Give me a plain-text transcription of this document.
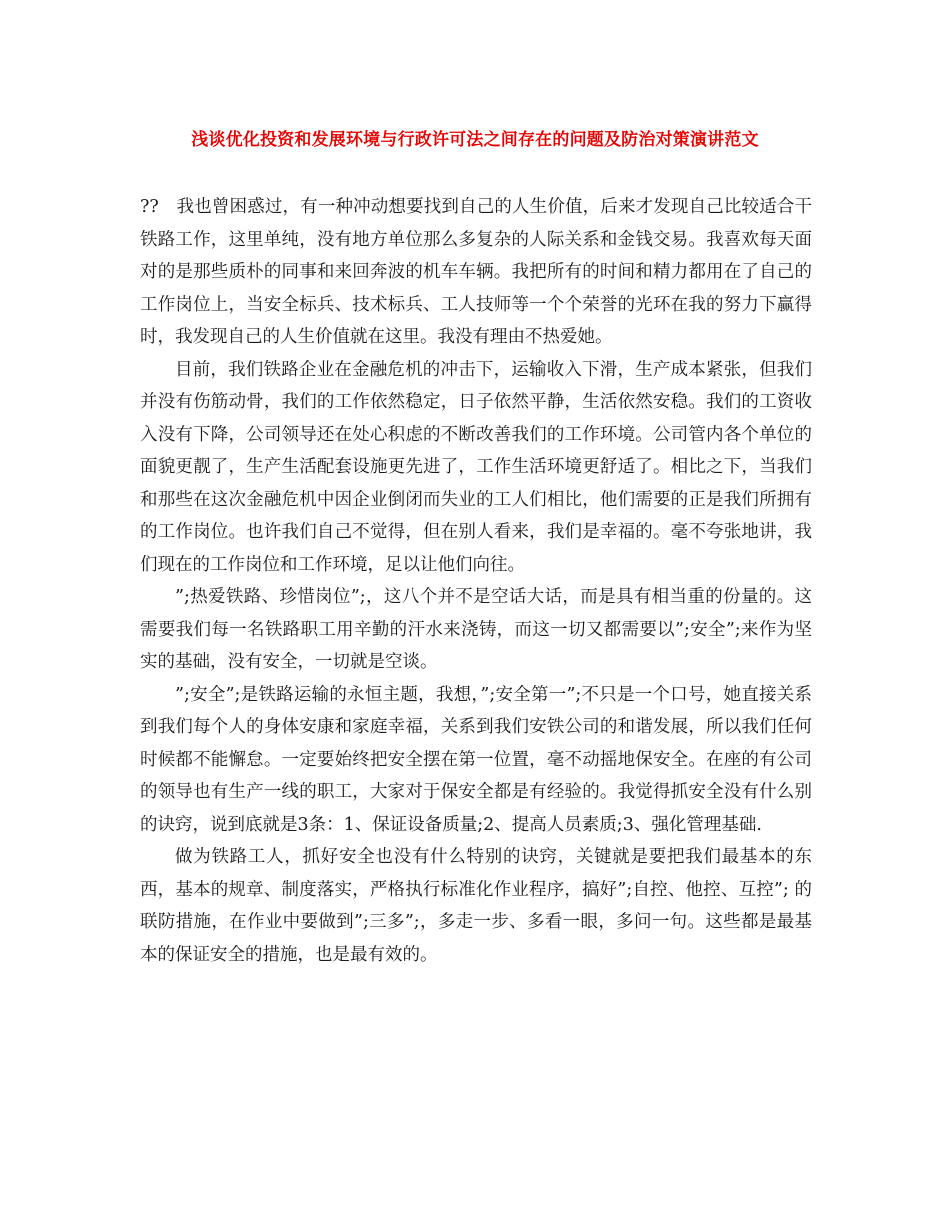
浅谈优化投资和发展环境与行政许可法之间存在的问题及防治对策演讲范文

??　我也曾困惑过，有一种冲动想要找到自己的人生价值，后来才发现自己比较适合干铁路工作，这里单纯，没有地方单位那么多复杂的人际关系和金钱交易。我喜欢每天面对的是那些质朴的同事和来回奔波的机车车辆。我把所有的时间和精力都用在了自己的工作岗位上，当安全标兵、技术标兵、工人技师等一个个荣誉的光环在我的努力下赢得时，我发现自己的人生价值就在这里。我没有理由不热爱她。

目前，我们铁路企业在金融危机的冲击下，运输收入下滑，生产成本紧张，但我们并没有伤筋动骨，我们的工作依然稳定，日子依然平静，生活依然安稳。我们的工资收入没有下降，公司领导还在处心积虑的不断改善我们的工作环境。公司管内各个单位的面貌更靓了，生产生活配套设施更先进了，工作生活环境更舒适了。相比之下，当我们和那些在这次金融危机中因企业倒闭而失业的工人们相比，他们需要的正是我们所拥有的工作岗位。也许我们自己不觉得，但在别人看来，我们是幸福的。毫不夸张地讲，我们现在的工作岗位和工作环境，足以让他们向往。

”;热爱铁路、珍惜岗位”;，这八个并不是空话大话，而是具有相当重的份量的。这需要我们每一名铁路职工用辛勤的汗水来浇铸，而这一切又都需要以”;安全”;来作为坚实的基础，没有安全，一切就是空谈。

”;安全”;是铁路运输的永恒主题，我想，”;安全第一”;不只是一个口号，她直接关系到我们每个人的身体安康和家庭幸福，关系到我们安铁公司的和谐发展，所以我们任何时候都不能懈怠。一定要始终把安全摆在第一位置，毫不动摇地保安全。在座的有公司的领导也有生产一线的职工，大家对于保安全都是有经验的。我觉得抓安全没有什么别的诀窍，说到底就是3条：1、保证设备质量;2、提高人员素质;3、强化管理基础.

做为铁路工人，抓好安全也没有什么特别的诀窍，关键就是要把我们最基本的东西，基本的规章、制度落实，严格执行标准化作业程序，搞好”;自控、他控、互控”; 的联防措施，在作业中要做到”;三多”;，多走一步、多看一眼，多问一句。这些都是最基本的保证安全的措施，也是最有效的。
